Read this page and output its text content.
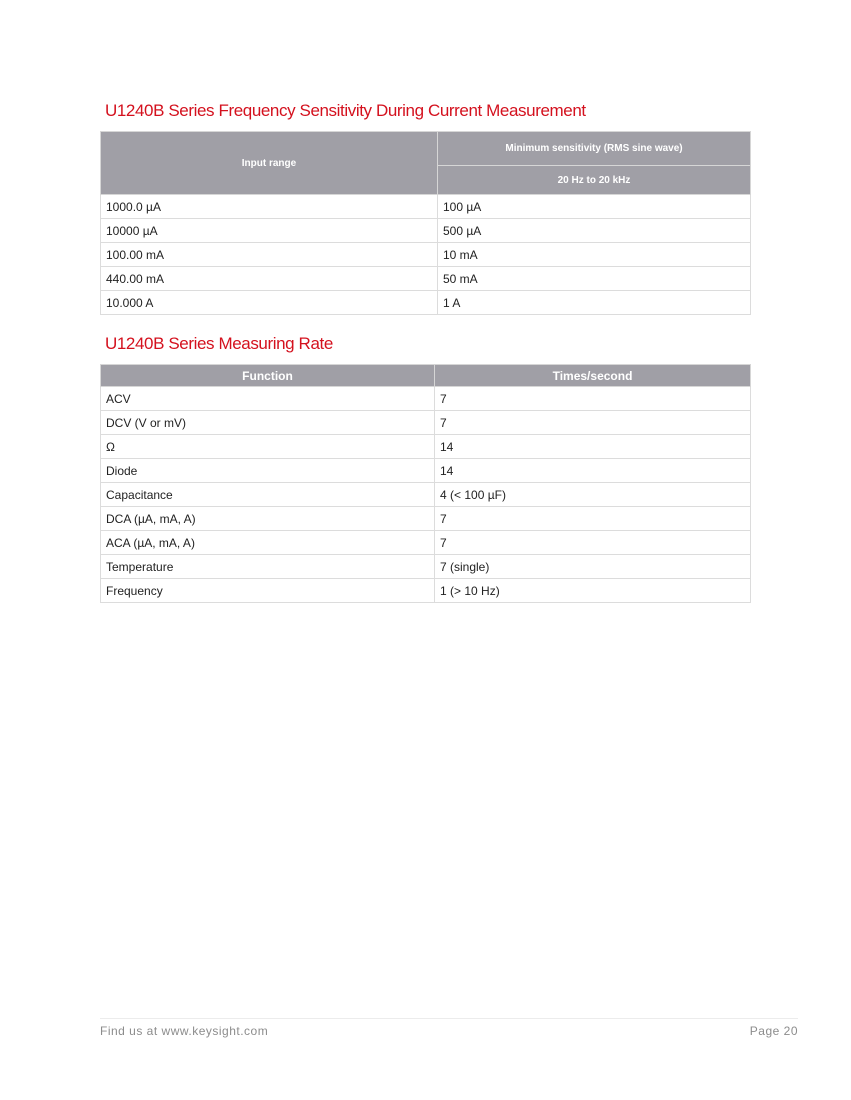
U1240B Series Frequency Sensitivity During Current Measurement
Input range	Minimum sensitivity (RMS sine wave)
	20 Hz to 20 kHz
1000.0 µA	100 µA
10000 µA	500 µA
100.00 mA	10 mA
440.00 mA	50 mA
10.000 A	1 A
U1240B Series Measuring Rate
Function	Times/second
ACV	7
DCV (V or mV)	7
Ω	14
Diode	14
Capacitance	4 (< 100 µF)
DCA (µA, mA, A)	7
ACA (µA, mA, A)	7
Temperature	7 (single)
Frequency	1 (> 10 Hz)
Find us at www.keysight.com	Page 20
